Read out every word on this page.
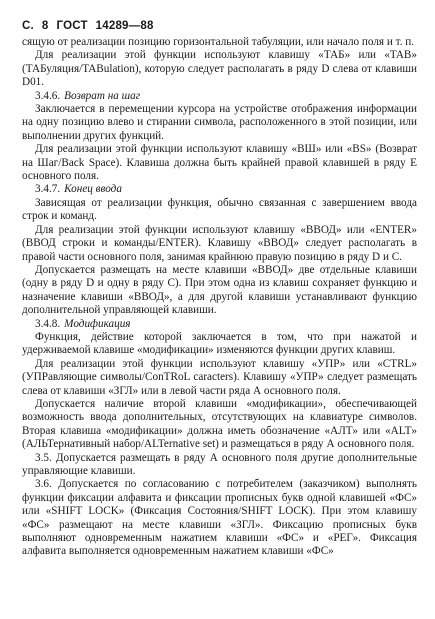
С. 8 ГОСТ 14289—88

сящую от реализации позицию горизонтальной табуляции, или начало поля и т. п.

Для реализации этой функции используют клавишу «ТАБ» или «TAB» (ТАБуляция/TABulation), которую следует располагать в ряду D слева от клавиши D01.

3.4.6. Возврат на шаг

Заключается в перемещении курсора на устройстве отображения информации на одну позицию влево и стирании символа, расположенного в этой позиции, или выполнении других функций.

Для реализации этой функции используют клавишу «ВШ» или «BS» (Возврат на Шаг/Back Space). Клавиша должна быть крайней правой клавишей в ряду Е основного поля.

3.4.7. Конец ввода

Зависящая от реализации функция, обычно связанная с завершением ввода строк и команд.

Для реализации этой функции используют клавишу «ВВОД» или «ENTER» (ВВОД строки и команды/ENTER). Клавишу «ВВОД» следует располагать в правой части основного поля, занимая крайнюю правую позицию в ряду D и С.

Допускается размещать на месте клавиши «ВВОД» две отдельные клавиши (одну в ряду D и одну в ряду С). При этом одна из клавиш сохраняет функцию и назначение клавиши «ВВОД», а для другой клавиши устанавливают функцию дополнительной управляющей клавиши.

3.4.8. Модификация

Функция, действие которой заключается в том, что при нажатой и удерживаемой клавише «модификации» изменяются функции других клавиш.

Для реализации этой функции используют клавишу «УПР» или «CTRL» (УПРавляющие символы/ConTRoL caracters). Клавишу «УПР» следует размещать слева от клавиши «ЗГЛ» или в левой части ряда А основного поля.

Допускается наличие второй клавиши «модификации», обеспечивающей возможность ввода дополнительных, отсутствующих на клавиатуре символов. Вторая клавиша «модификации» должна иметь обозначение «АЛТ» или «ALT» (АЛЬТернативный набор/ALTernative set) и размещаться в ряду А основного поля.

3.5. Допускается размещать в ряду А основного поля другие дополнительные управляющие клавиши.

3.6. Допускается по согласованию с потребителем (заказчиком) выполнять функции фиксации алфавита и фиксации прописных букв одной клавишей «ФС» или «SHIFT LOCK» (Фиксация Состояния/SHIFT LOCK). При этом клавишу «ФС» размещают на месте клавиши «ЗГЛ». Фиксацию прописных букв выполняют одновременным нажатием клавиши «ФС» и «РЕГ». Фиксация алфавита выполняется одновременным нажатием клавиши «ФС»
